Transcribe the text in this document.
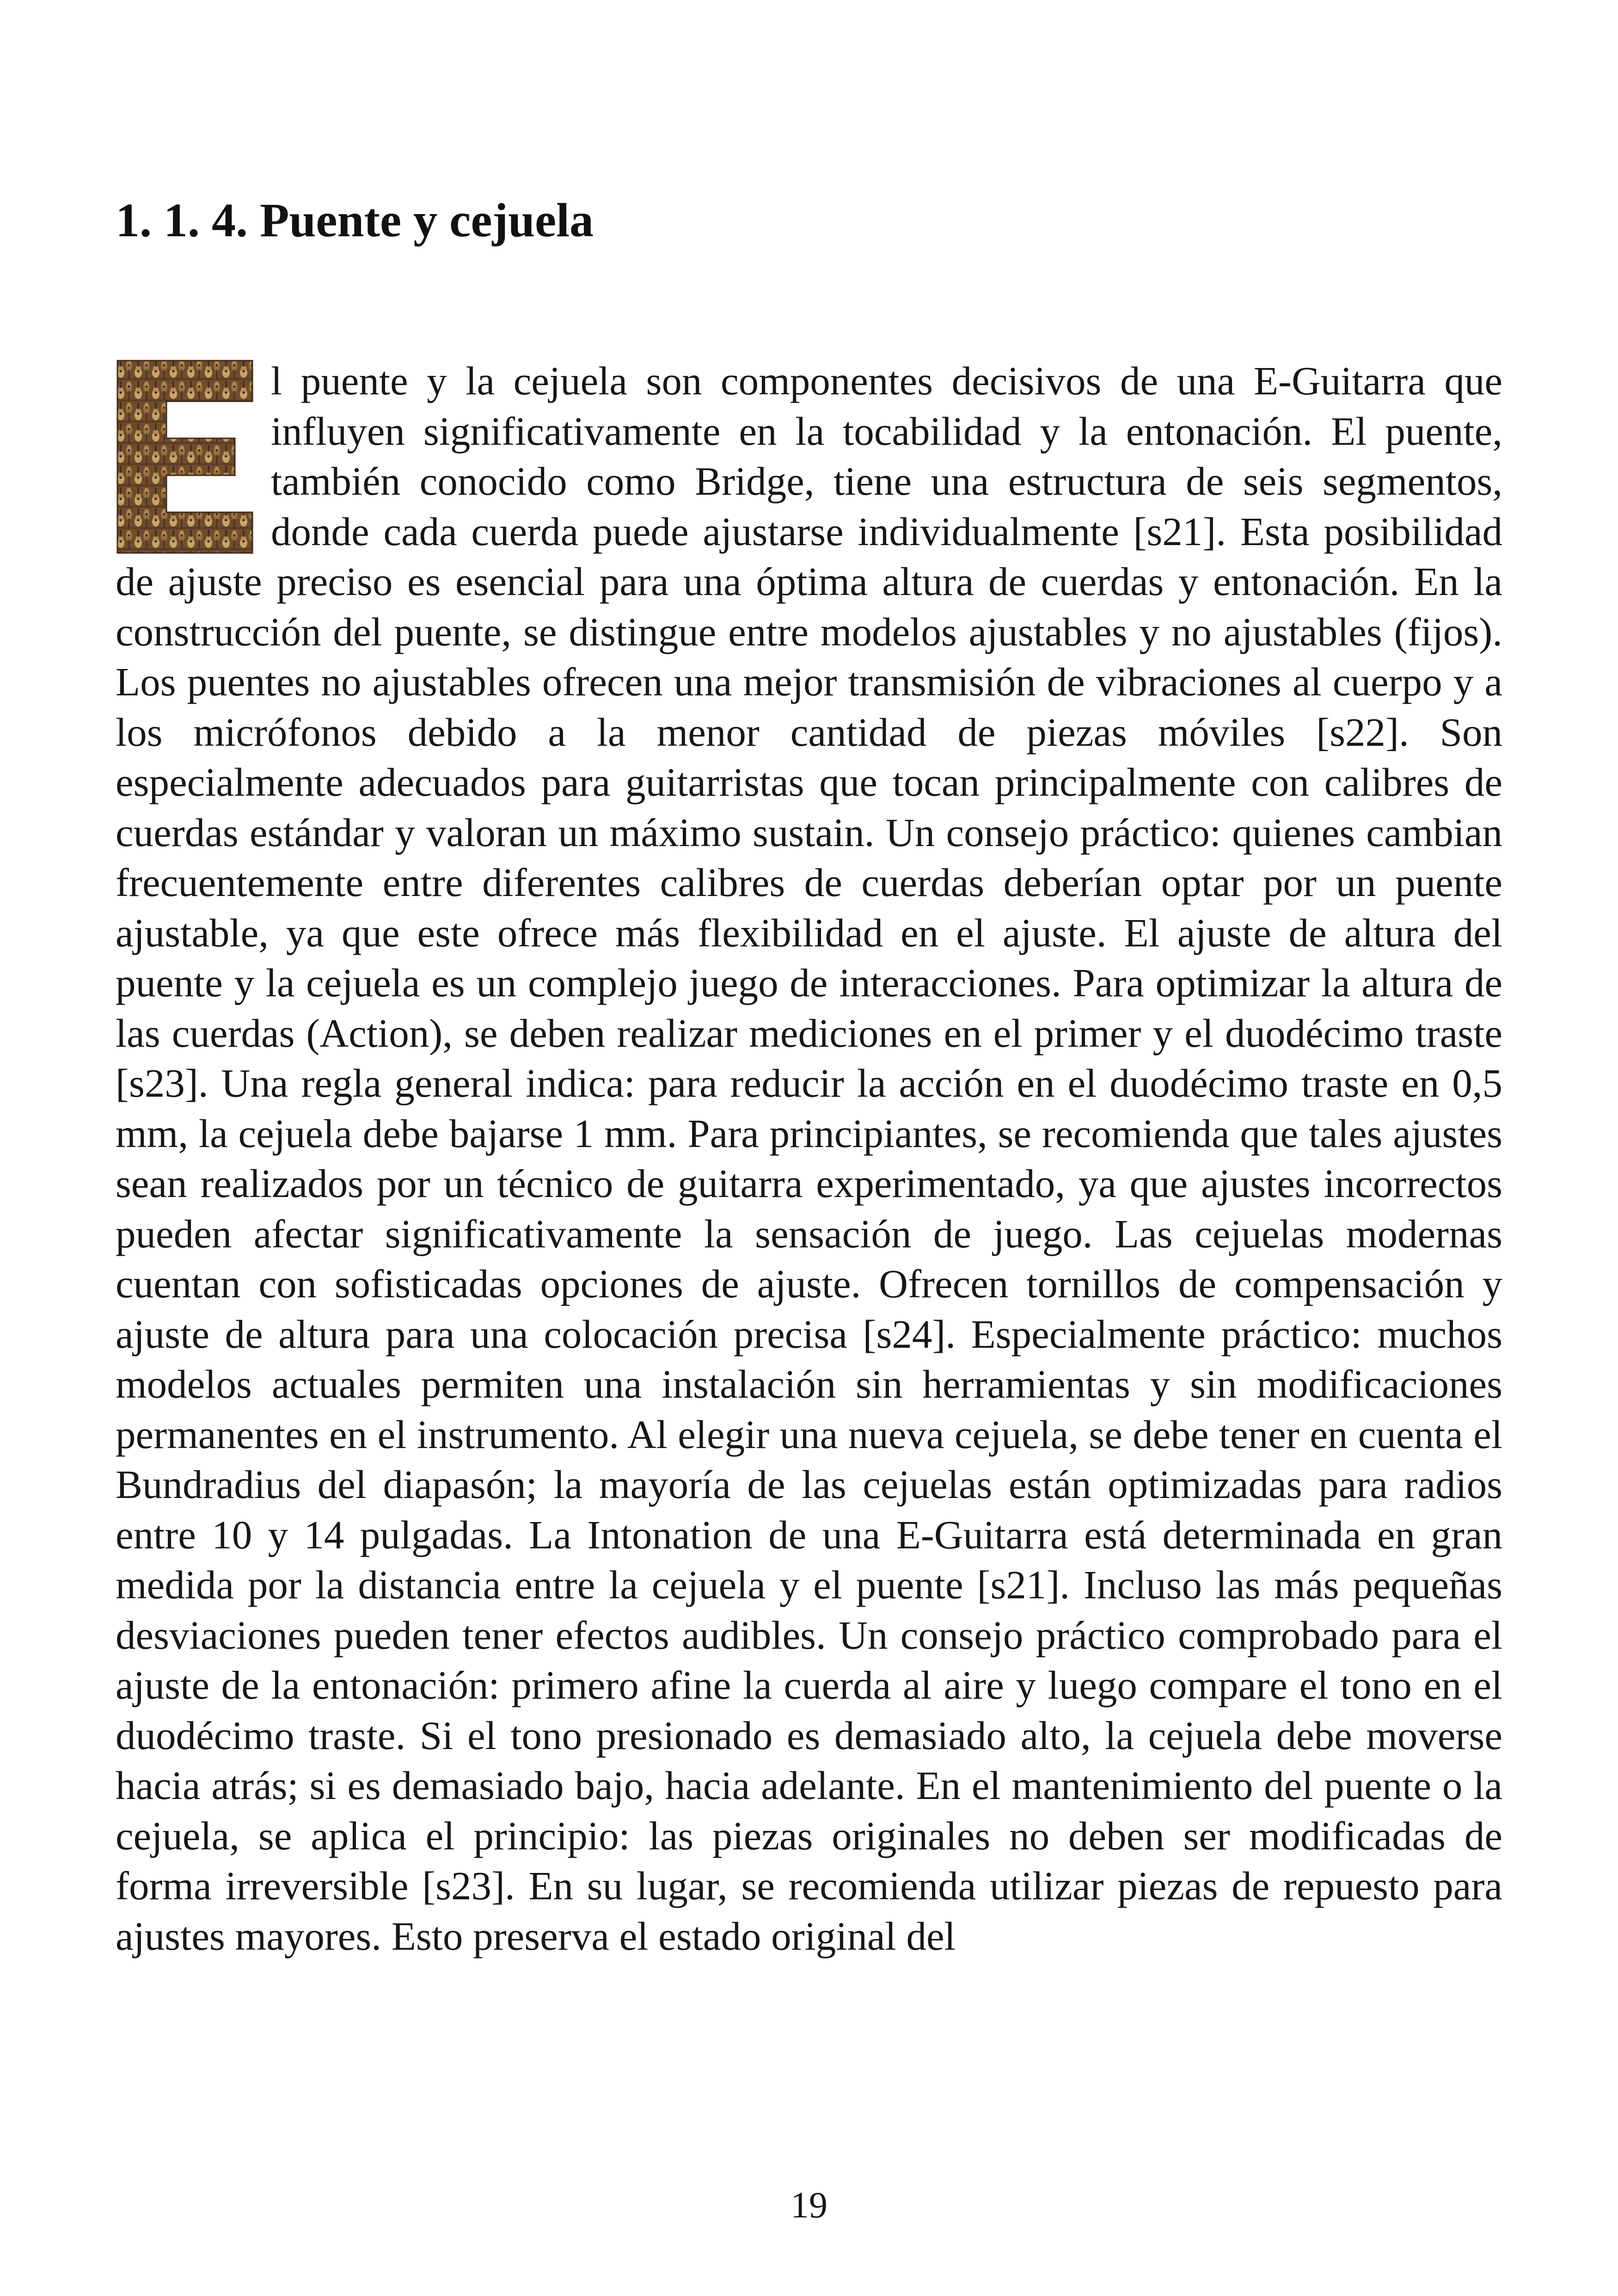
1. 1. 4. Puente y cejuela

l puente y la cejuela son componentes decisivos de una E-Guitarra que influyen significativamente en la tocabilidad y la entonación. El puente, también conocido como Bridge, tiene una estructura de seis segmentos, donde cada cuerda puede ajustarse individualmente [s21]. Esta posibilidad de ajuste preciso es esencial para una óptima altura de cuerdas y entonación. En la construcción del puente, se distingue entre modelos ajustables y no ajustables (fijos). Los puentes no ajustables ofrecen una mejor transmisión de vibraciones al cuerpo y a los micrófonos debido a la menor cantidad de piezas móviles [s22]. Son especialmente adecuados para guitarristas que tocan principalmente con calibres de cuerdas estándar y valoran un máximo sustain. Un consejo práctico: quienes cambian frecuentemente entre diferentes calibres de cuerdas deberían optar por un puente ajustable, ya que este ofrece más flexibilidad en el ajuste. El ajuste de altura del puente y la cejuela es un complejo juego de interacciones. Para optimizar la altura de las cuerdas (Action), se deben realizar mediciones en el primer y el duodécimo traste [s23]. Una regla general indica: para reducir la acción en el duodécimo traste en 0,5 mm, la cejuela debe bajarse 1 mm. Para principiantes, se recomienda que tales ajustes sean realizados por un técnico de guitarra experimentado, ya que ajustes incorrectos pueden afectar significativamente la sensación de juego. Las cejuelas modernas cuentan con sofisticadas opciones de ajuste. Ofrecen tornillos de compensación y ajuste de altura para una colocación precisa [s24]. Especialmente práctico: muchos modelos actuales permiten una instalación sin herramientas y sin modificaciones permanentes en el instrumento. Al elegir una nueva cejuela, se debe tener en cuenta el Bundradius del diapasón; la mayoría de las cejuelas están optimizadas para radios entre 10 y 14 pulgadas. La Intonation de una E-Guitarra está determinada en gran medida por la distancia entre la cejuela y el puente [s21]. Incluso las más pequeñas desviaciones pueden tener efectos audibles. Un consejo práctico comprobado para el ajuste de la entonación: primero afine la cuerda al aire y luego compare el tono en el duodécimo traste. Si el tono presionado es demasiado alto, la cejuela debe moverse hacia atrás; si es demasiado bajo, hacia adelante. En el mantenimiento del puente o la cejuela, se aplica el principio: las piezas originales no deben ser modificadas de forma irreversible [s23]. En su lugar, se recomienda utilizar piezas de repuesto para ajustes mayores. Esto preserva el estado original del

19
